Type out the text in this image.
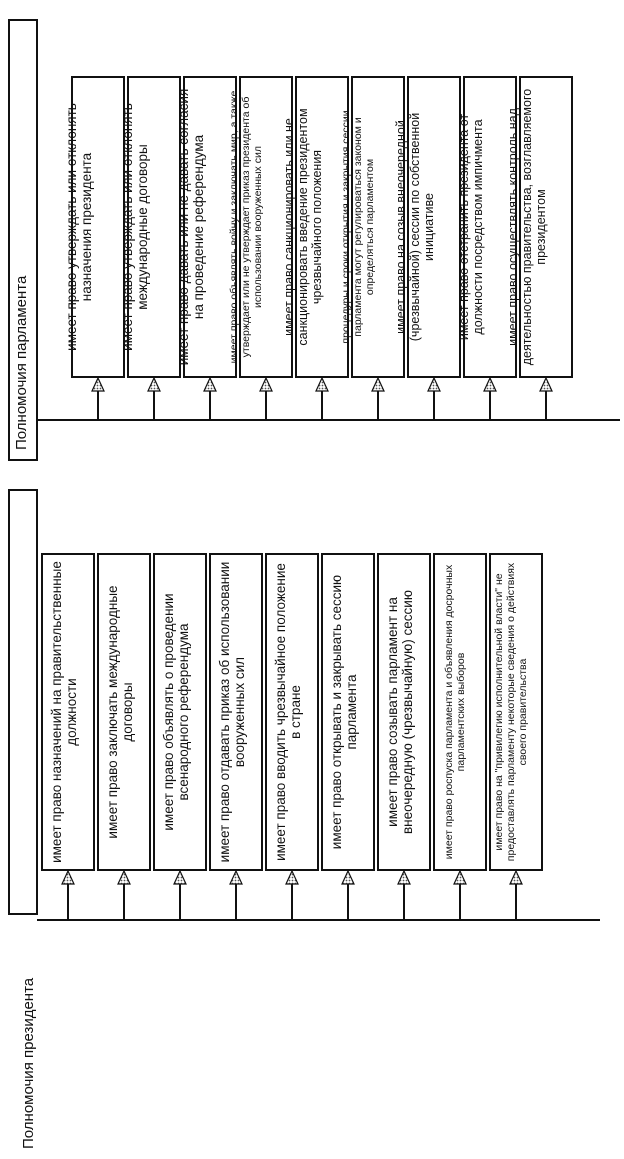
Полномочия президента
имеет право назначений на правительственные должности имеет право заключать международные договоры имеет право объявлять о проведении всенародного референдума имеет право отдавать приказ об использовании вооруженных сил имеет право вводить чрезвычайное положение в стране имеет право открывать и закрывать сессию парламента имеет право созывать парламент на внеочередную (чрезвычайную) сессию	имеет право роспуска парламента и объявления досрочных парламентских выборов	имеет право на "привилегию исполнительной власти" не предоставлять парламенту некоторые сведения о действиях своего правительства
Полномочия парламента
имеет право утверждать или отклонять назначения президента имеет право утверждать или отклонять международные договоры имеет право давать или не давать согласия на проведение референдума имеет право объявлять войну и заключать мир, а также утверждает или не утверждает приказ президента об использовании вооруженных сил имеет право санкционировать или не санкционировать введение президентом чрезвычайного положения процедуры и сроки открытия и закрытия сессии парламента могут регулироваться законом и определяться парламентом имеет право на созыв внеочередной (чрезвычайной) сессии по собственной инициативе имеет право отстранить президента от должности посредством импичмента имеет право осуществлять контроль над деятельностью правительства, возглавляемого президентом
